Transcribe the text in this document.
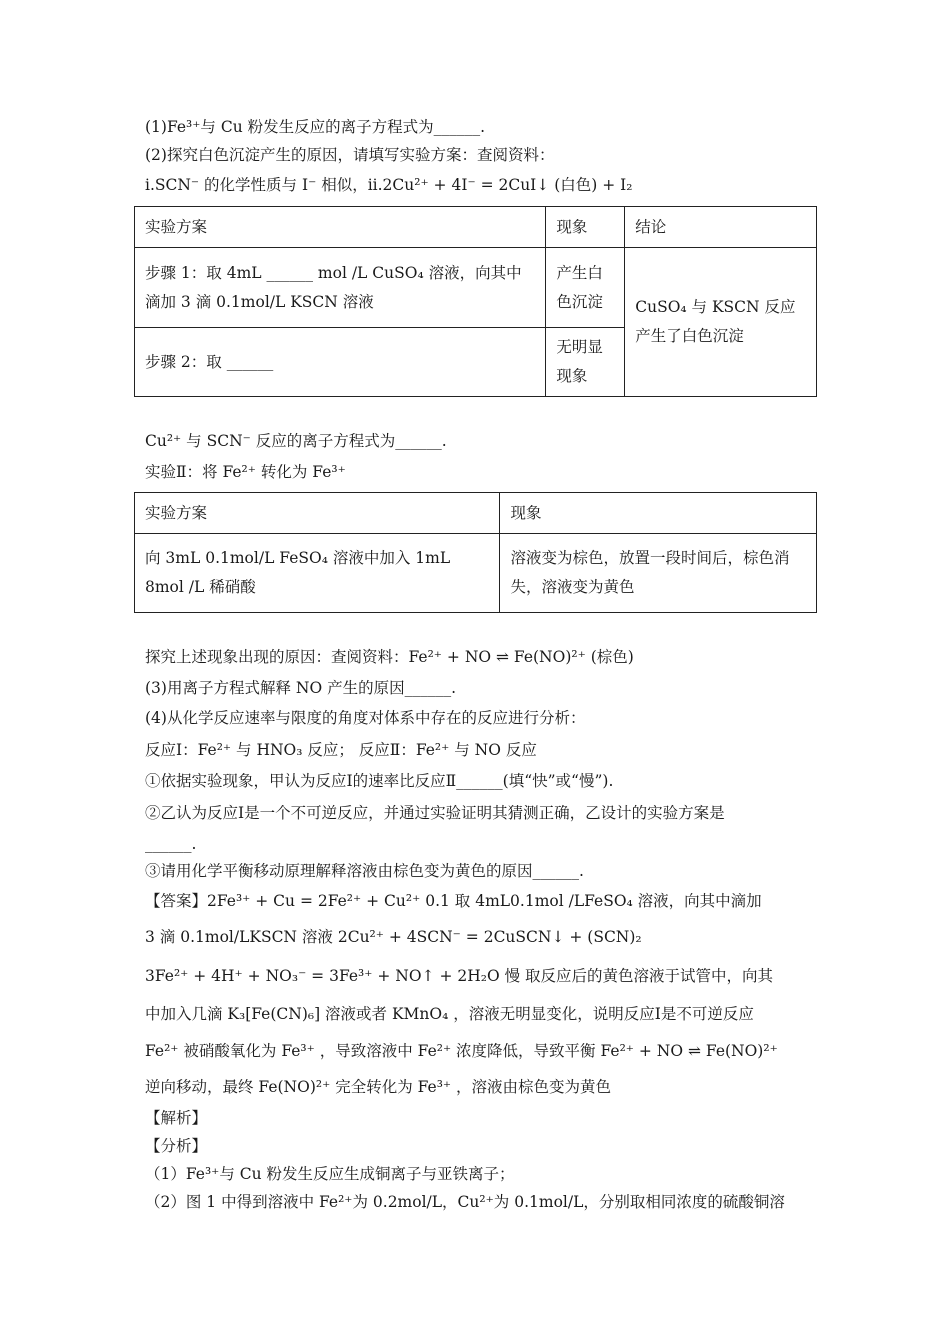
(1)Fe³⁺与 Cu 粉发生反应的离子方程式为______.
(2)探究白色沉淀产生的原因，请填写实验方案：查阅资料：
i.SCN⁻ 的化学性质与 I⁻ 相似，ii.2Cu²⁺ + 4I⁻ = 2CuI↓ (白色) + I₂
实验方案	现象	结论

步骤 1：取 4mL ______ mol /L CuSO₄ 溶液，向其中滴加 3 滴 0.1mol/L KSCN 溶液	产生白色沉淀	CuSO₄ 与 KSCN 反应产生了白色沉淀

步骤 2：取 ______	无明显现象	
Cu²⁺ 与 SCN⁻ 反应的离子方程式为______.
实验Ⅱ：将 Fe²⁺ 转化为 Fe³⁺
实验方案	现象

向 3mL 0.1mol/L FeSO₄ 溶液中加入 1mL 8mol /L 稀硝酸	溶液变为棕色，放置一段时间后，棕色消失，溶液变为黄色
探究上述现象出现的原因：查阅资料：Fe²⁺ + NO ⇌ Fe(NO)²⁺ (棕色)
(3)用离子方程式解释 NO 产生的原因______.
(4)从化学反应速率与限度的角度对体系中存在的反应进行分析：
反应Ⅰ：Fe²⁺ 与 HNO₃ 反应； 反应Ⅱ：Fe²⁺ 与 NO 反应
①依据实验现象，甲认为反应Ⅰ的速率比反应Ⅱ______(填“快”或“慢”).
②乙认为反应Ⅰ是一个不可逆反应，并通过实验证明其猜测正确，乙设计的实验方案是
______.
③请用化学平衡移动原理解释溶液由棕色变为黄色的原因______.
【答案】2Fe³⁺ + Cu = 2Fe²⁺ + Cu²⁺ 0.1 取 4mL0.1mol /LFeSO₄ 溶液，向其中滴加
3 滴 0.1mol/LKSCN 溶液 2Cu²⁺ + 4SCN⁻ = 2CuSCN↓ + (SCN)₂
3Fe²⁺ + 4H⁺ + NO₃⁻ = 3Fe³⁺ + NO↑ + 2H₂O 慢 取反应后的黄色溶液于试管中，向其
中加入几滴 K₃[Fe(CN)₆] 溶液或者 KMnO₄ ，溶液无明显变化，说明反应Ⅰ是不可逆反应
Fe²⁺ 被硝酸氧化为 Fe³⁺ ，导致溶液中 Fe²⁺ 浓度降低，导致平衡 Fe²⁺ + NO ⇌ Fe(NO)²⁺
逆向移动，最终 Fe(NO)²⁺ 完全转化为 Fe³⁺ ，溶液由棕色变为黄色
【解析】
【分析】
（1）Fe³⁺与 Cu 粉发生反应生成铜离子与亚铁离子；
（2）图 1 中得到溶液中 Fe²⁺为 0.2mol/L，Cu²⁺为 0.1mol/L，分别取相同浓度的硫酸铜溶
